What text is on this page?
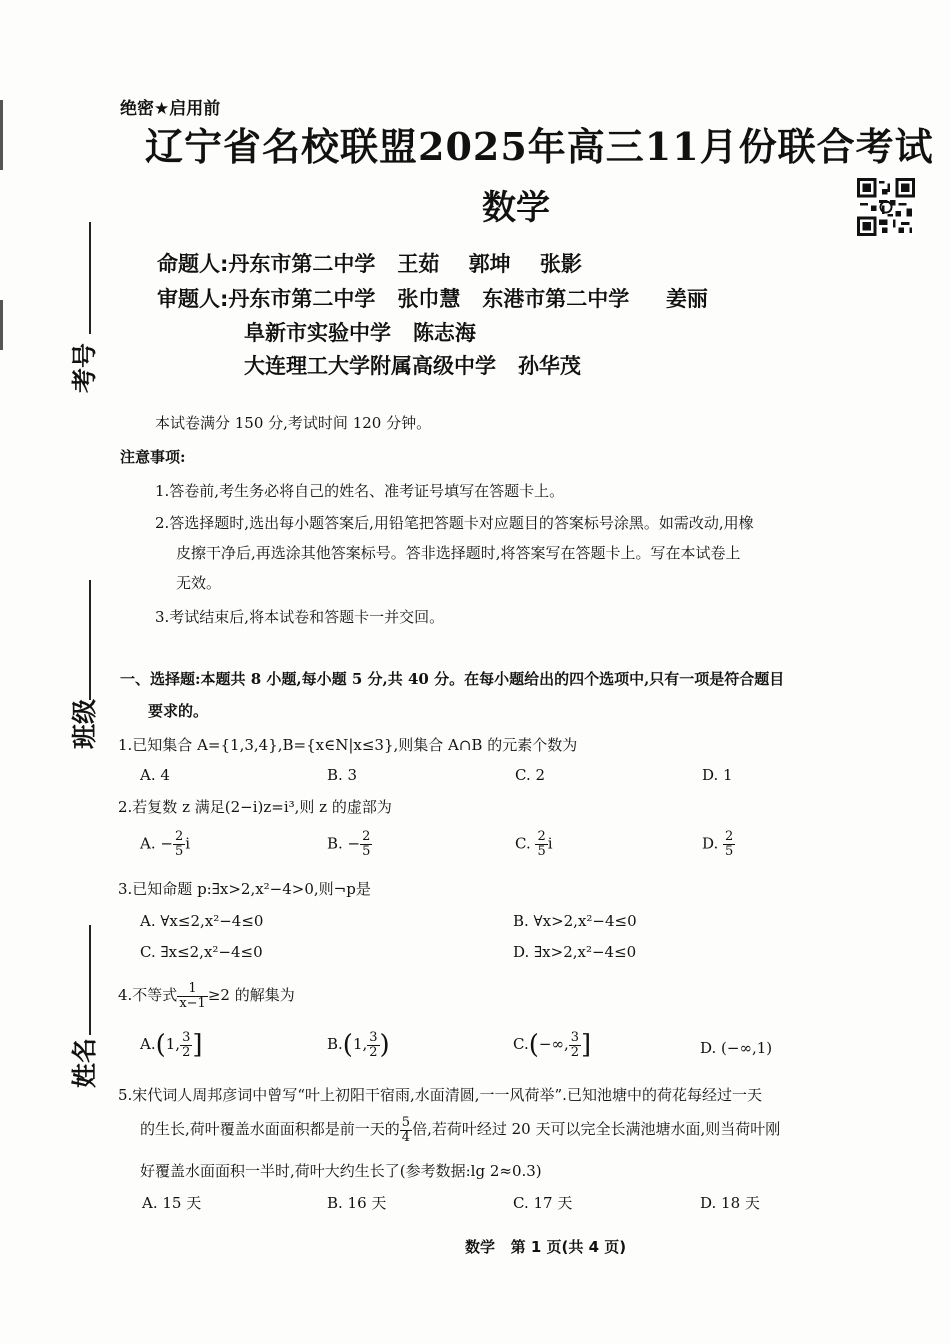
考号
班级
姓名
绝密★启用前
辽宁省名校联盟2025年高三11月份联合考试
数学
命题人:丹东市第二中学 王茹    郭坤    张影
审题人:丹东市第二中学 张巾慧 东港市第二中学 姜丽
阜新市实验中学 陈志海
大连理工大学附属高级中学 孙华茂
本试卷满分 150 分,考试时间 120 分钟。
注意事项:
1.答卷前,考生务必将自己的姓名、准考证号填写在答题卡上。
2.答选择题时,选出每小题答案后,用铅笔把答题卡对应题目的答案标号涂黑。如需改动,用橡
皮擦干净后,再选涂其他答案标号。答非选择题时,将答案写在答题卡上。写在本试卷上
无效。
3.考试结束后,将本试卷和答题卡一并交回。
一、选择题:本题共 8 小题,每小题 5 分,共 40 分。在每小题给出的四个选项中,只有一项是符合题目
要求的。
1.已知集合 A={1,3,4},B={x∈N|x≤3},则集合 A∩B 的元素个数为
A. 4	B. 3	C. 2	D. 1
2.若复数 z 满足(2−i)z=i³,则 z 的虚部为
A. − $\frac{2}{5}$ i	B. − $\frac{2}{5}$	C. $\frac{2}{5}$ i	D. $\frac{2}{5}$
3.已知命题 p:∃x>2,x²−4>0,则¬p是
A. ∀x≤2,x²−4≤0	B. ∀x>2,x²−4≤0
C. ∃x≤2,x²−4≤0	D. ∃x>2,x²−4≤0
4.不等式 $\frac{1}{x-1} \ge 2$ 的解集为
A.(1, $\frac{3}{2}$ ]	B.(1, $\frac{3}{2}$ )	C.(−∞, $\frac{3}{2}$ ]	D. (−∞,1)
5.宋代词人周邦彦词中曾写“叶上初阳干宿雨,水面清圆,一一风荷举”.已知池塘中的荷花每经过一天
的生长,荷叶覆盖水面面积都是前一天的 $\frac{5}{4}$ 倍,若荷叶经过 20 天可以完全长满池塘水面,则当荷叶刚
好覆盖水面面积一半时,荷叶大约生长了(参考数据:lg 2≈0.3)
A. 15 天	B. 16 天	C. 17 天	D. 18 天
数学   第 1 页(共 4 页)
